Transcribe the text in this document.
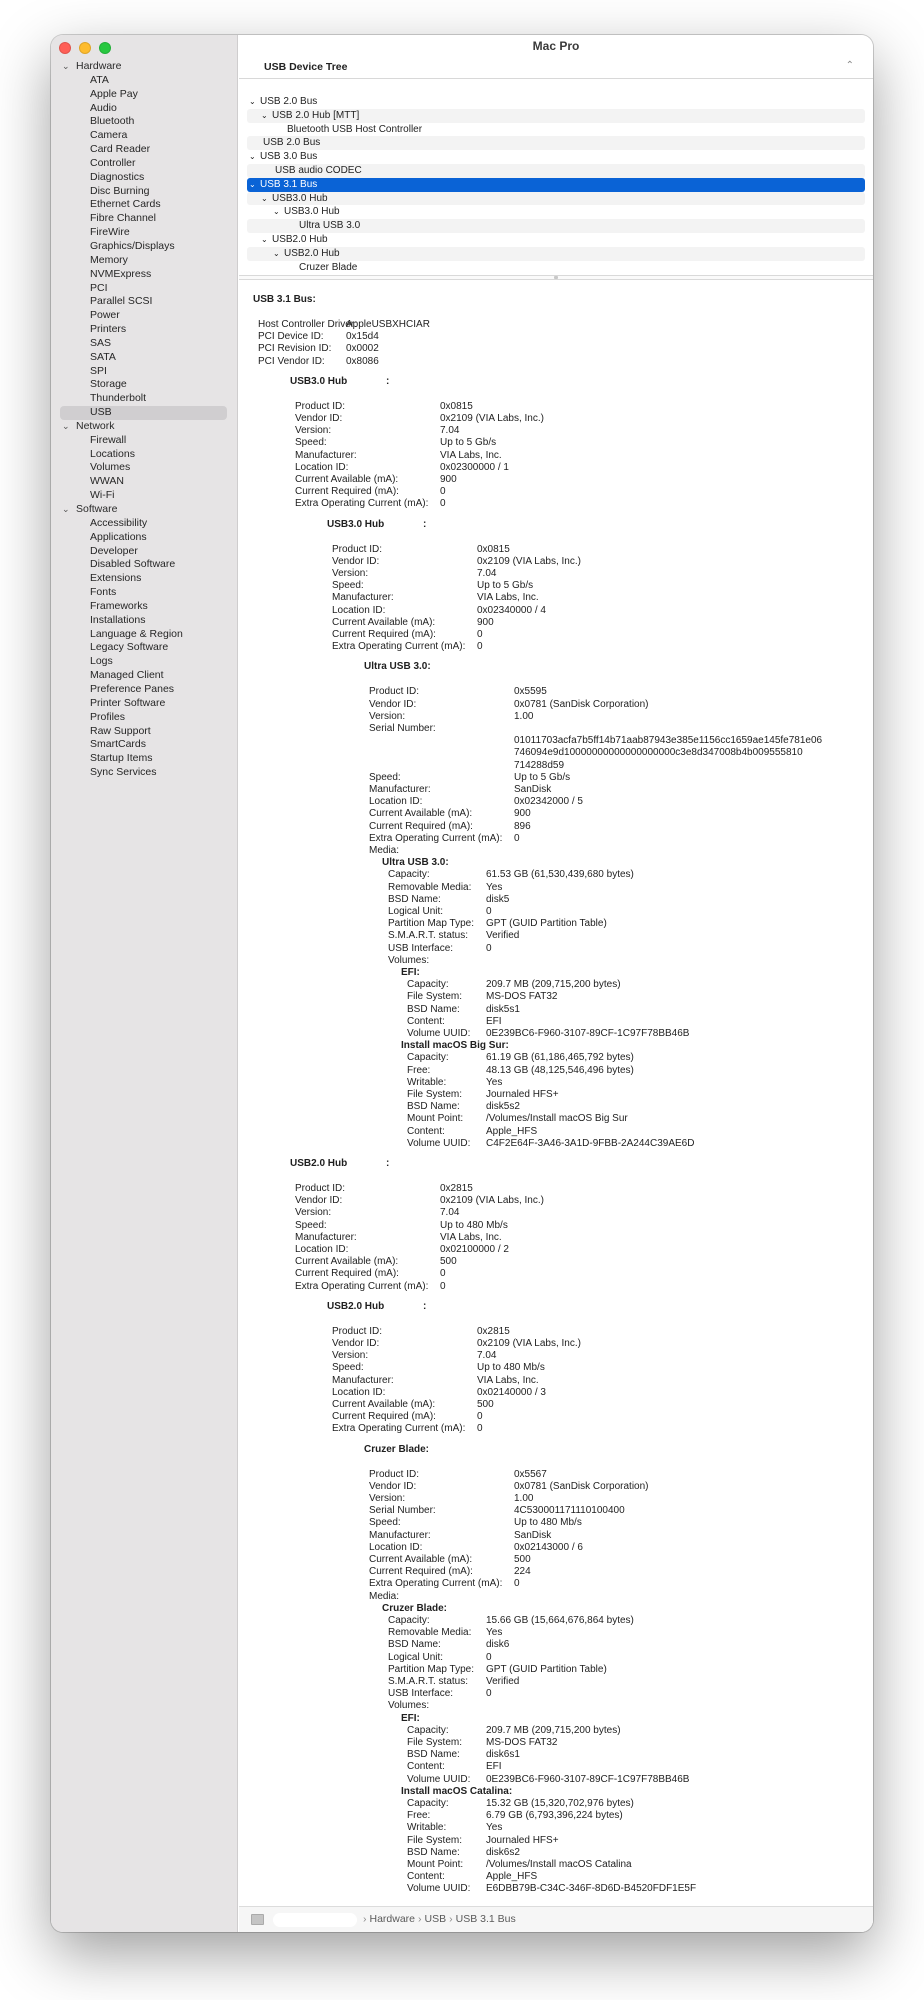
⌄ Hardware
ATA
Apple Pay
Audio
Bluetooth
Camera
Card Reader
Controller
Diagnostics
Disc Burning
Ethernet Cards
Fibre Channel
FireWire
Graphics/Displays
Memory
NVMExpress
PCI
Parallel SCSI
Power
Printers
SAS
SATA
SPI
Storage
Thunderbolt
USB
⌄ Network
Firewall
Locations
Volumes
WWAN
Wi-Fi
⌄ Software
Accessibility
Applications
Developer
Disabled Software
Extensions
Fonts
Frameworks
Installations
Language & Region
Legacy Software
Logs
Managed Client
Preference Panes
Printer Software
Profiles
Raw Support
SmartCards
Startup Items
Sync Services
Mac Pro
USB Device Tree	⌃
⌄ USB 2.0 Bus
⌄ USB 2.0 Hub [MTT]
Bluetooth USB Host Controller
USB 2.0 Bus
⌄ USB 3.0 Bus
USB audio CODEC
⌄ USB 3.1 Bus
⌄ USB3.0 Hub
⌄ USB3.0 Hub
Ultra USB 3.0
⌄ USB2.0 Hub
⌄ USB2.0 Hub
Cruzer Blade
USB 3.1 Bus:
Host Controller Driver:
AppleUSBXHCIAR
PCI Device ID: 0x15d4
PCI Revision ID: 0x0002
PCI Vendor ID: 0x8086
USB3.0 Hub	:
Product ID:	0x0815
Vendor ID:	0x2109 (VIA Labs, Inc.)
Version:	7.04
Speed:	Up to 5 Gb/s
Manufacturer:	VIA Labs, Inc.
Location ID:	0x02300000 / 1
Current Available (mA):	900
Current Required (mA):	0
Extra Operating Current (mA): 0
USB3.0 Hub	:
Product ID:	0x0815
Vendor ID:	0x2109 (VIA Labs, Inc.)
Version:	7.04
Speed:	Up to 5 Gb/s
Manufacturer:	VIA Labs, Inc.
Location ID:	0x02340000 / 4
Current Available (mA):	900
Current Required (mA):	0
Extra Operating Current (mA): 0
Ultra USB 3.0:
Product ID:	0x5595
Vendor ID:	0x0781 (SanDisk Corporation)
Version:	1.00
Serial Number:
01011703acfa7b5ff14b71aab87943e385e1156cc1659ae145fe781e06
746094e9d10000000000000000000c3e8d347008b4b009555810
714288d59
Speed:	Up to 5 Gb/s
Manufacturer:	SanDisk
Location ID:	0x02342000 / 5
Current Available (mA):	900
Current Required (mA):	896
Extra Operating Current (mA): 0
Media:
Ultra USB 3.0:
Capacity:	61.53 GB (61,530,439,680 bytes)
Removable Media: Yes
BSD Name:	disk5
Logical Unit:	0
Partition Map Type: GPT (GUID Partition Table)
S.M.A.R.T. status: Verified
USB Interface:	0
Volumes:
EFI:
Capacity:	209.7 MB (209,715,200 bytes)
File System: MS-DOS FAT32
BSD Name:	disk5s1
Content:	EFI
Volume UUID: 0E239BC6-F960-3107-89CF-1C97F78BB46B
Install macOS Big Sur:
Capacity:	61.19 GB (61,186,465,792 bytes)
Free:	48.13 GB (48,125,546,496 bytes)
Writable:	Yes
File System: Journaled HFS+
BSD Name:	disk5s2
Mount Point: /Volumes/Install macOS Big Sur
Content:	Apple_HFS
Volume UUID: C4F2E64F-3A46-3A1D-9FBB-2A244C39AE6D
USB2.0 Hub	:
Product ID:	0x2815
Vendor ID:	0x2109 (VIA Labs, Inc.)
Version:	7.04
Speed:	Up to 480 Mb/s
Manufacturer:	VIA Labs, Inc.
Location ID:	0x02100000 / 2
Current Available (mA):	500
Current Required (mA):	0
Extra Operating Current (mA): 0
USB2.0 Hub	:
Product ID:	0x2815
Vendor ID:	0x2109 (VIA Labs, Inc.)
Version:	7.04
Speed:	Up to 480 Mb/s
Manufacturer:	VIA Labs, Inc.
Location ID:	0x02140000 / 3
Current Available (mA):	500
Current Required (mA):	0
Extra Operating Current (mA): 0
Cruzer Blade:
Product ID:	0x5567
Vendor ID:	0x0781 (SanDisk Corporation)
Version:	1.00
Serial Number:	4C530001171110100400
Speed:	Up to 480 Mb/s
Manufacturer:	SanDisk
Location ID:	0x02143000 / 6
Current Available (mA):	500
Current Required (mA):	224
Extra Operating Current (mA): 0
Media:
Cruzer Blade:
Capacity:	15.66 GB (15,664,676,864 bytes)
Removable Media: Yes
BSD Name:	disk6
Logical Unit:	0
Partition Map Type: GPT (GUID Partition Table)
S.M.A.R.T. status: Verified
USB Interface:	0
Volumes:
EFI:
Capacity:	209.7 MB (209,715,200 bytes)
File System: MS-DOS FAT32
BSD Name:	disk6s1
Content:	EFI
Volume UUID: 0E239BC6-F960-3107-89CF-1C97F78BB46B
Install macOS Catalina:
Capacity:	15.32 GB (15,320,702,976 bytes)
Free:	6.79 GB (6,793,396,224 bytes)
Writable:	Yes
File System: Journaled HFS+
BSD Name:	disk6s2
Mount Point: /Volumes/Install macOS Catalina
Content:	Apple_HFS
Volume UUID: E6DBB79B-C34C-346F-8D6D-B4520FDF1E5F
› Hardware › USB › USB 3.1 Bus
